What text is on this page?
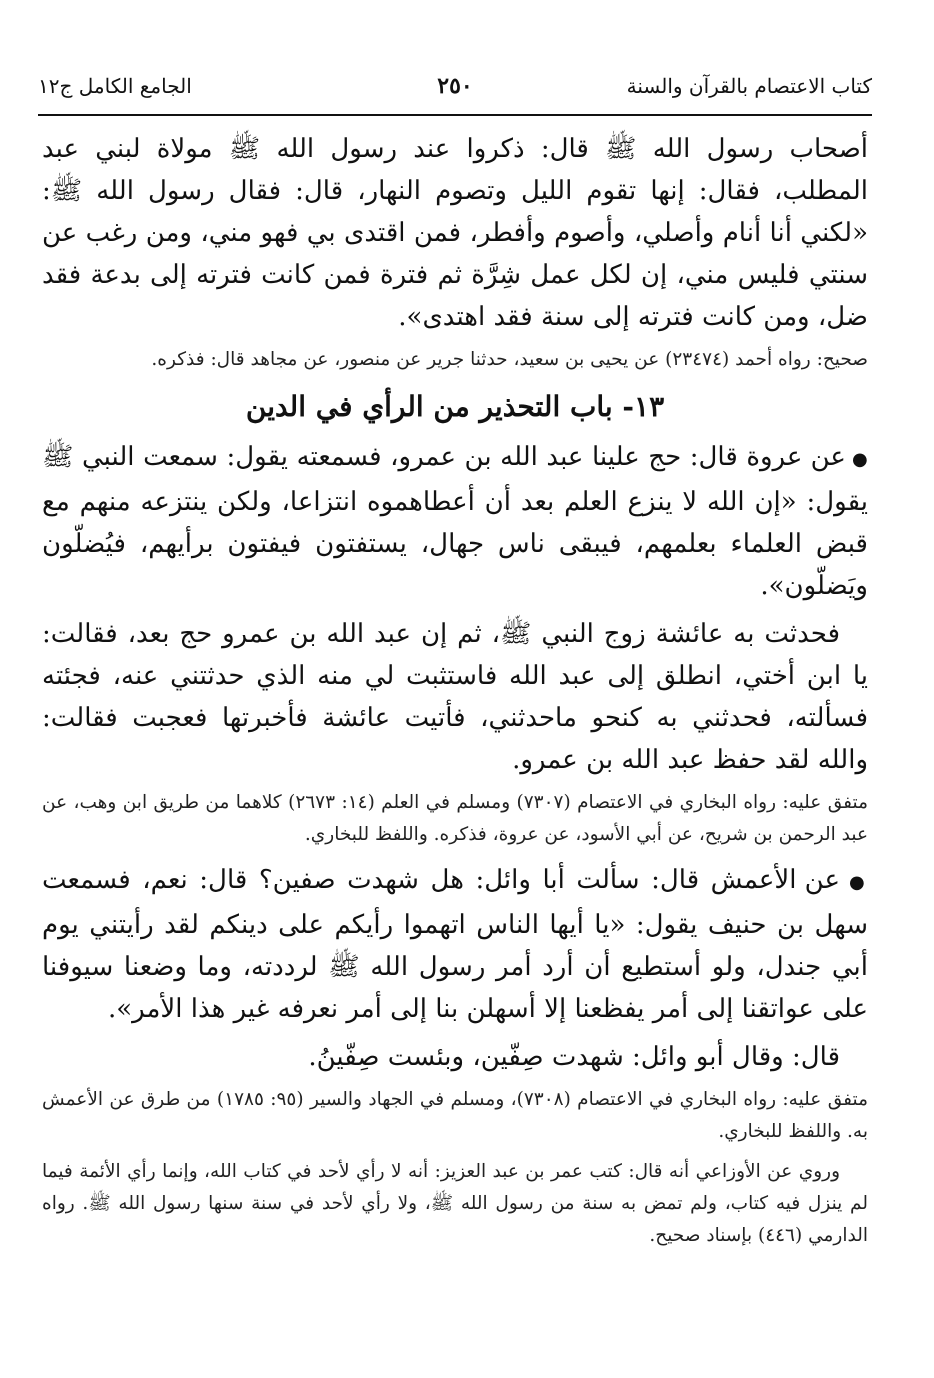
كتاب الاعتصام بالقرآن والسنة
٢٥٠
الجامع الكامل ج١٢

أصحاب رسول الله ﷺ قال: ذكروا عند رسول الله ﷺ مولاة لبني عبد المطلب، فقال: إنها تقوم الليل وتصوم النهار، قال: فقال رسول الله ﷺ: «لكني أنا أنام وأصلي، وأصوم وأفطر، فمن اقتدى بي فهو مني، ومن رغب عن سنتي فليس مني، إن لكل عمل شِرَّة ثم فترة فمن كانت فترته إلى بدعة فقد ضل، ومن كانت فترته إلى سنة فقد اهتدى».

صحيح: رواه أحمد (٢٣٤٧٤) عن يحيى بن سعيد، حدثنا جرير عن منصور، عن مجاهد قال: فذكره.

١٣- باب التحذير من الرأي في الدين

● عن عروة قال: حج علينا عبد الله بن عمرو، فسمعته يقول: سمعت النبي ﷺ يقول: «إن الله لا ينزع العلم بعد أن أعطاهموه انتزاعا، ولكن ينتزعه منهم مع قبض العلماء بعلمهم، فيبقى ناس جهال، يستفتون فيفتون برأيهم، فيُضلّون ويَضلّون».

فحدثت به عائشة زوج النبي ﷺ، ثم إن عبد الله بن عمرو حج بعد، فقالت: يا ابن أختي، انطلق إلى عبد الله فاستثبت لي منه الذي حدثتني عنه، فجئته فسألته، فحدثني به كنحو ماحدثني، فأتيت عائشة فأخبرتها فعجبت فقالت: والله لقد حفظ عبد الله بن عمرو.

متفق عليه: رواه البخاري في الاعتصام (٧٣٠٧) ومسلم في العلم (١٤: ٢٦٧٣) كلاهما من طريق ابن وهب، عن عبد الرحمن بن شريح، عن أبي الأسود، عن عروة، فذكره. واللفظ للبخاري.

● عن الأعمش قال: سألت أبا وائل: هل شهدت صفين؟ قال: نعم، فسمعت سهل بن حنيف يقول: «يا أيها الناس اتهموا رأيكم على دينكم لقد رأيتني يوم أبي جندل، ولو أستطيع أن أرد أمر رسول الله ﷺ لرددته، وما وضعنا سيوفنا على عواتقنا إلى أمر يفظعنا إلا أسهلن بنا إلى أمر نعرفه غير هذا الأمر».

قال: وقال أبو وائل: شهدت صِفّين، وبئست صِفّينُ.

متفق عليه: رواه البخاري في الاعتصام (٧٣٠٨)، ومسلم في الجهاد والسير (٩٥: ١٧٨٥) من طرق عن الأعمش به. واللفظ للبخاري.

وروي عن الأوزاعي أنه قال: كتب عمر بن عبد العزيز: أنه لا رأي لأحد في كتاب الله، وإنما رأي الأئمة فيما لم ينزل فيه كتاب، ولم تمض به سنة من رسول الله ﷺ، ولا رأي لأحد في سنة سنها رسول الله ﷺ. رواه الدارمي (٤٤٦) بإسناد صحيح.
